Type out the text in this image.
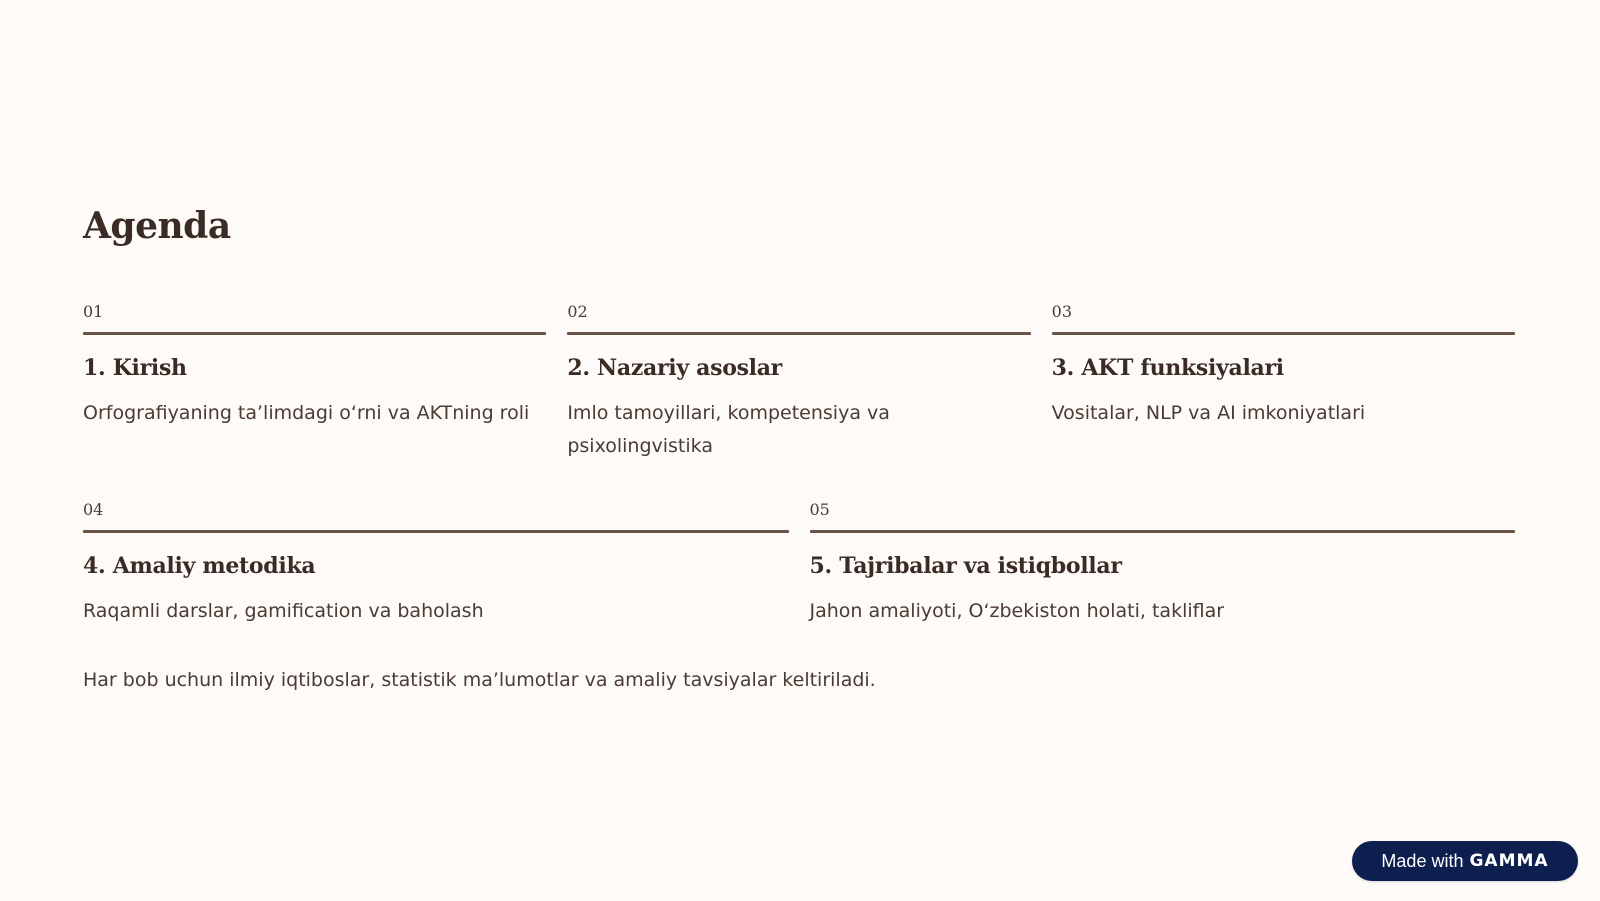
Agenda
01
1. Kirish
Orfografiyaning ta’limdagi o‘rni va AKTning roli
02
2. Nazariy asoslar
Imlo tamoyillari, kompetensiya va psixolingvistika
03
3. AKT funksiyalari
Vositalar, NLP va AI imkoniyatlari
04
4. Amaliy metodika
Raqamli darslar, gamification va baholash
05
5. Tajribalar va istiqbollar
Jahon amaliyoti, O‘zbekiston holati, takliflar
Har bob uchun ilmiy iqtiboslar, statistik ma’lumotlar va amaliy tavsiyalar keltiriladi.
Made with GAMMA
